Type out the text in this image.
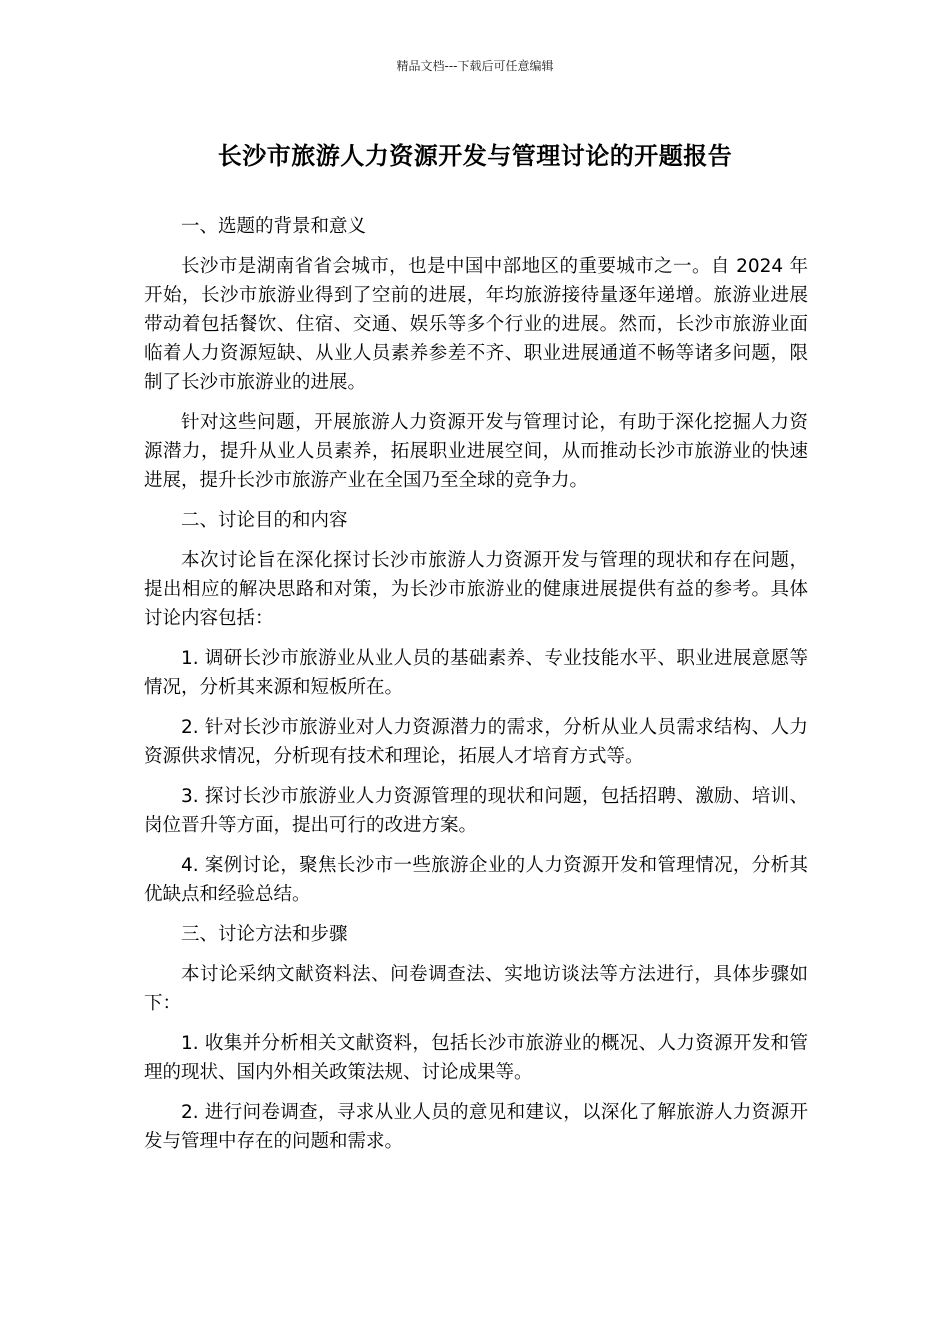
精品文档---下载后可任意编辑
长沙市旅游人力资源开发与管理讨论的开题报告

一、选题的背景和意义

长沙市是湖南省省会城市，也是中国中部地区的重要城市之一。自 2024 年开始，长沙市旅游业得到了空前的进展，年均旅游接待量逐年递增。旅游业进展带动着包括餐饮、住宿、交通、娱乐等多个行业的进展。然而，长沙市旅游业面临着人力资源短缺、从业人员素养参差不齐、职业进展通道不畅等诸多问题，限制了长沙市旅游业的进展。

针对这些问题，开展旅游人力资源开发与管理讨论，有助于深化挖掘人力资源潜力，提升从业人员素养，拓展职业进展空间，从而推动长沙市旅游业的快速进展，提升长沙市旅游产业在全国乃至全球的竞争力。

二、讨论目的和内容

本次讨论旨在深化探讨长沙市旅游人力资源开发与管理的现状和存在问题，提出相应的解决思路和对策，为长沙市旅游业的健康进展提供有益的参考。具体讨论内容包括：

1. 调研长沙市旅游业从业人员的基础素养、专业技能水平、职业进展意愿等情况，分析其来源和短板所在。

2. 针对长沙市旅游业对人力资源潜力的需求，分析从业人员需求结构、人力资源供求情况，分析现有技术和理论，拓展人才培育方式等。

3. 探讨长沙市旅游业人力资源管理的现状和问题，包括招聘、激励、培训、岗位晋升等方面，提出可行的改进方案。

4. 案例讨论，聚焦长沙市一些旅游企业的人力资源开发和管理情况，分析其优缺点和经验总结。

三、讨论方法和步骤

本讨论采纳文献资料法、问卷调查法、实地访谈法等方法进行，具体步骤如下：

1. 收集并分析相关文献资料，包括长沙市旅游业的概况、人力资源开发和管理的现状、国内外相关政策法规、讨论成果等。

2. 进行问卷调查，寻求从业人员的意见和建议，以深化了解旅游人力资源开发与管理中存在的问题和需求。
